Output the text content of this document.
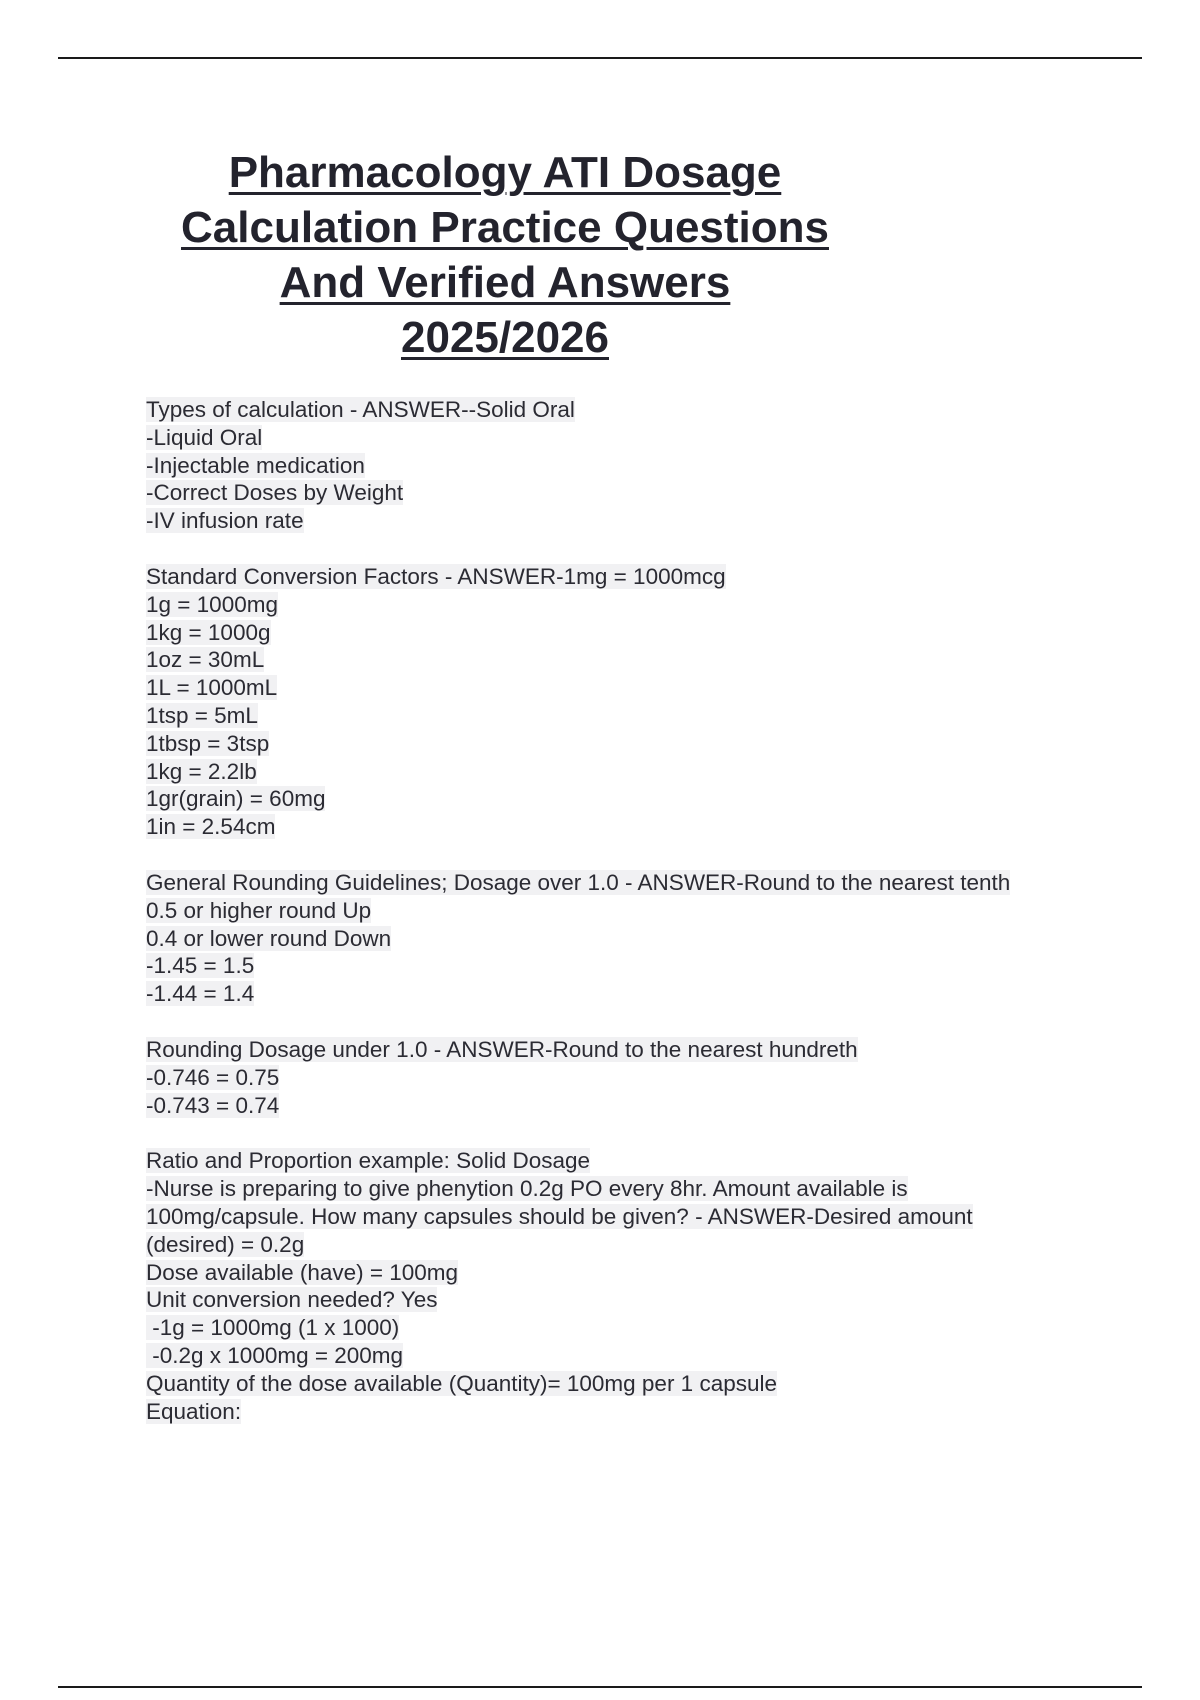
Pharmacology ATI Dosage
Calculation Practice Questions
And Verified Answers
2025/2026
Types of calculation - ANSWER--Solid Oral
-Liquid Oral
-Injectable medication
-Correct Doses by Weight
-IV infusion rate
Standard Conversion Factors - ANSWER-1mg = 1000mcg
1g = 1000mg
1kg = 1000g
1oz = 30mL
1L = 1000mL
1tsp = 5mL
1tbsp = 3tsp
1kg = 2.2lb
1gr(grain) = 60mg
1in = 2.54cm
General Rounding Guidelines; Dosage over 1.0 - ANSWER-Round to the nearest tenth
0.5 or higher round Up
0.4 or lower round Down
-1.45 = 1.5
-1.44 = 1.4
Rounding Dosage under 1.0 - ANSWER-Round to the nearest hundreth
-0.746 = 0.75
-0.743 = 0.74
Ratio and Proportion example: Solid Dosage
-Nurse is preparing to give phenytion 0.2g PO every 8hr. Amount available is
100mg/capsule. How many capsules should be given? - ANSWER-Desired amount
(desired) = 0.2g
Dose available (have) = 100mg
Unit conversion needed? Yes
-1g = 1000mg (1 x 1000)
-0.2g x 1000mg = 200mg
Quantity of the dose available (Quantity)= 100mg per 1 capsule
Equation:
